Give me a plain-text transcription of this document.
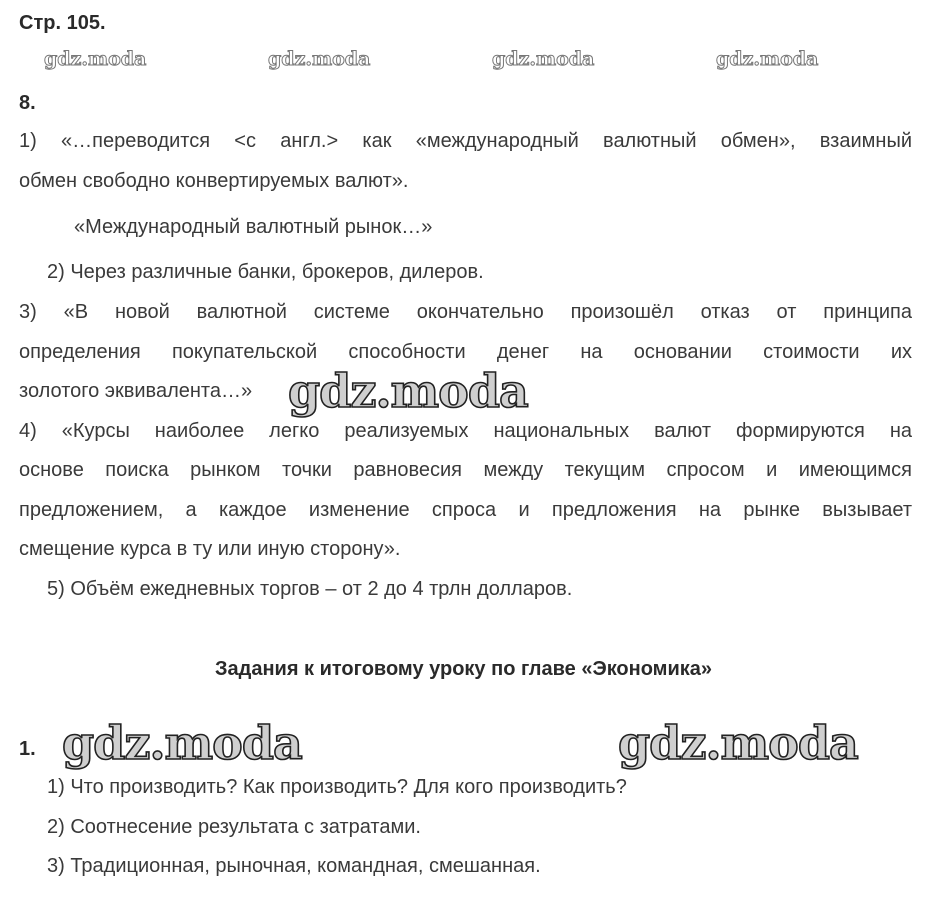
Стр. 105.
gdz.moda	gdz.moda	gdz.moda	gdz.moda
8.
1) «…переводится <с англ.> как «международный валютный обмен», взаимный
обмен свободно конвертируемых валют».
«Международный валютный рынок…»
2) Через различные банки, брокеров, дилеров.
3) «В новой валютной системе окончательно произошёл отказ от принципа
определения покупательской способности денег на основании стоимости их
золотого эквивалента…» gdz.moda
4) «Курсы наиболее легко реализуемых национальных валют формируются на
основе поиска рынком точки равновесия между текущим спросом и имеющимся
предложением, а каждое изменение спроса и предложения на рынке вызывает
смещение курса в ту или иную сторону».
5) Объём ежедневных торгов – от 2 до 4 трлн долларов.
Задания к итоговому уроку по главе «Экономика»
1. gdz.moda	gdz.moda
1) Что производить? Как производить? Для кого производить?
2) Соотнесение результата с затратами.
3) Традиционная, рыночная, командная, смешанная.
